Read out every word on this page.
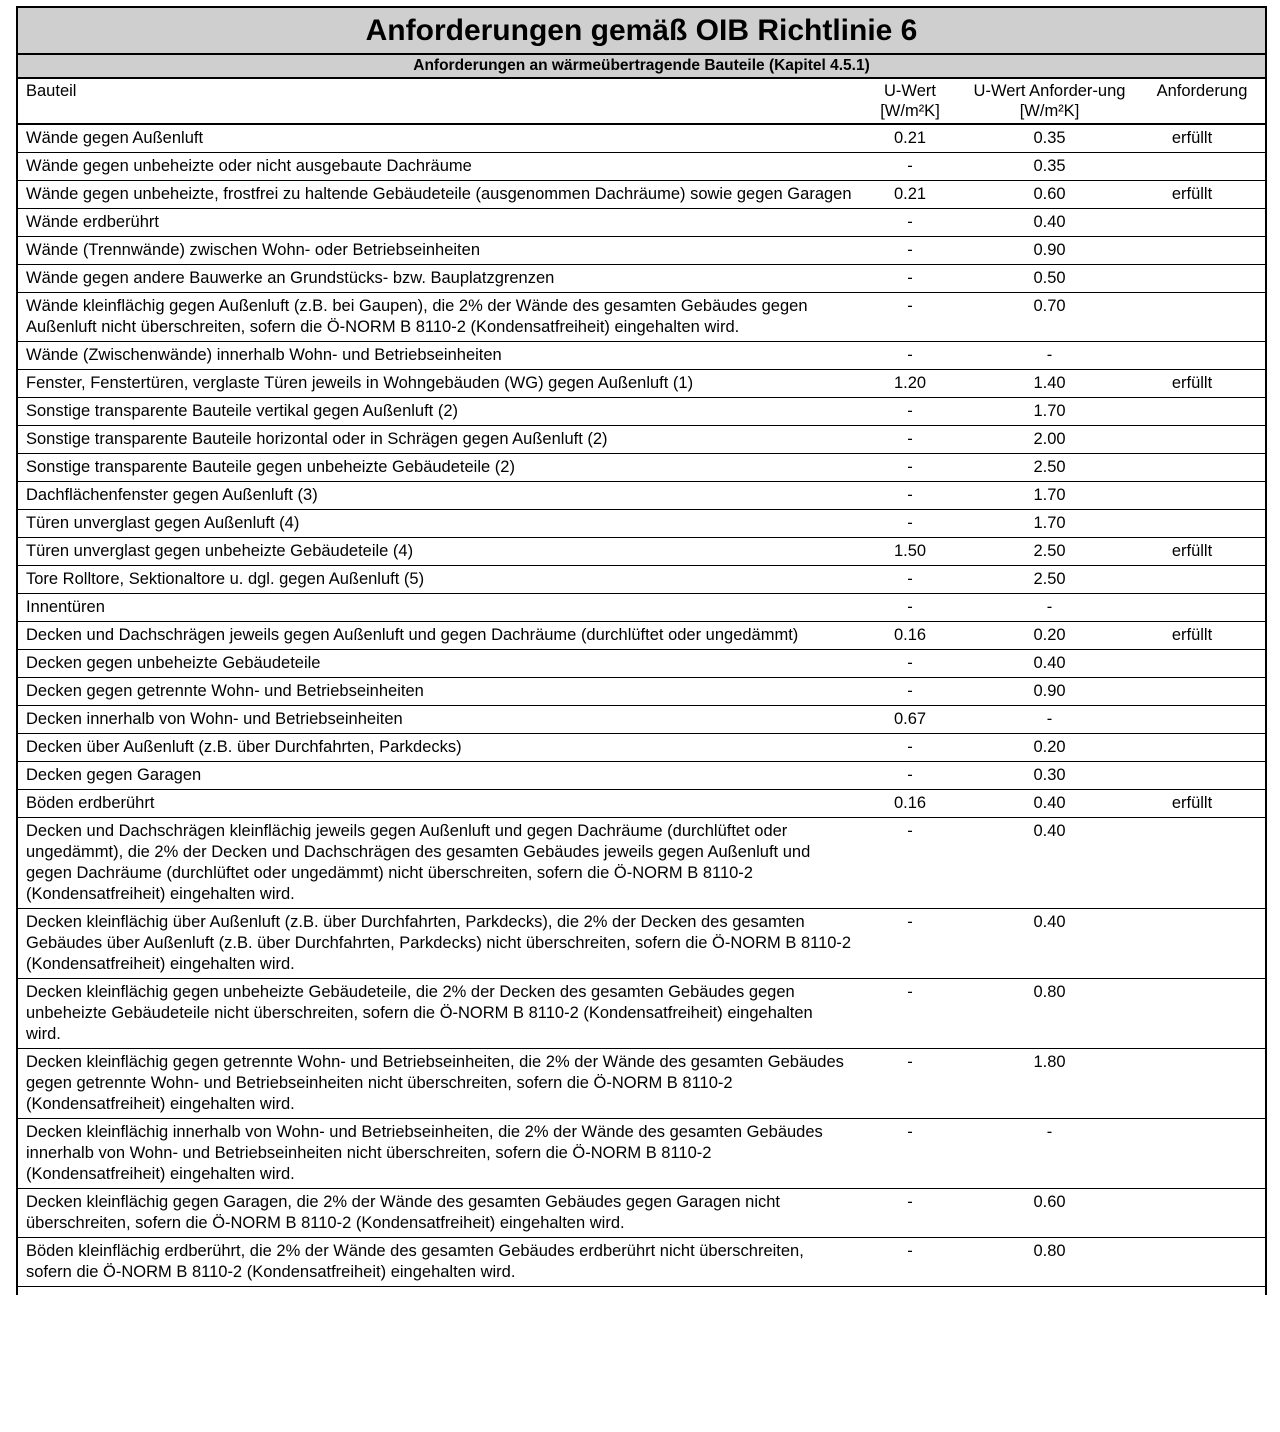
Anforderungen gemäß OIB Richtlinie 6
Anforderungen an wärmeübertragende Bauteile (Kapitel 4.5.1)
Bauteil	U-Wert [W/m²K]	U-Wert Anforder-ung [W/m²K]	Anforderung
Wände gegen Außenluft	0.21	0.35	erfüllt
Wände gegen unbeheizte oder nicht ausgebaute Dachräume	-	0.35	
Wände gegen unbeheizte, frostfrei zu haltende Gebäudeteile (ausgenommen Dachräume) sowie gegen Garagen	0.21	0.60	erfüllt
Wände erdberührt	-	0.40	
Wände (Trennwände) zwischen Wohn- oder Betriebseinheiten	-	0.90	
Wände gegen andere Bauwerke an Grundstücks- bzw. Bauplatzgrenzen	-	0.50	
Wände kleinflächig gegen Außenluft (z.B. bei Gaupen), die 2% der Wände des gesamten Gebäudes gegen Außenluft nicht überschreiten, sofern die Ö-NORM B 8110-2 (Kondensatfreiheit) eingehalten wird.	-	0.70	
Wände (Zwischenwände) innerhalb Wohn- und Betriebseinheiten	-	-	
Fenster, Fenstertüren, verglaste Türen jeweils in Wohngebäuden (WG) gegen Außenluft (1)	1.20	1.40	erfüllt
Sonstige transparente Bauteile vertikal gegen Außenluft (2)	-	1.70	
Sonstige transparente Bauteile horizontal oder in Schrägen gegen Außenluft (2)	-	2.00	
Sonstige transparente Bauteile gegen unbeheizte Gebäudeteile (2)	-	2.50	
Dachflächenfenster gegen Außenluft (3)	-	1.70	
Türen unverglast gegen Außenluft (4)	-	1.70	
Türen unverglast gegen unbeheizte Gebäudeteile (4)	1.50	2.50	erfüllt
Tore Rolltore, Sektionaltore u. dgl. gegen Außenluft (5)	-	2.50	
Innentüren	-	-	
Decken und Dachschrägen jeweils gegen Außenluft und gegen Dachräume (durchlüftet oder ungedämmt)	0.16	0.20	erfüllt
Decken gegen unbeheizte Gebäudeteile	-	0.40	
Decken gegen getrennte Wohn- und Betriebseinheiten	-	0.90	
Decken innerhalb von Wohn- und Betriebseinheiten	0.67	-	
Decken über Außenluft (z.B. über Durchfahrten, Parkdecks)	-	0.20	
Decken gegen Garagen	-	0.30	
Böden erdberührt	0.16	0.40	erfüllt
Decken und Dachschrägen kleinflächig jeweils gegen Außenluft und gegen Dachräume (durchlüftet oder ungedämmt), die 2% der Decken und Dachschrägen des gesamten Gebäudes jeweils gegen Außenluft und gegen Dachräume (durchlüftet oder ungedämmt) nicht überschreiten, sofern die Ö-NORM B 8110-2 (Kondensatfreiheit) eingehalten wird.	-	0.40	
Decken kleinflächig über Außenluft (z.B. über Durchfahrten, Parkdecks), die 2% der Decken des gesamten Gebäudes über Außenluft (z.B. über Durchfahrten, Parkdecks) nicht überschreiten, sofern die Ö-NORM B 8110-2 (Kondensatfreiheit) eingehalten wird.	-	0.40	
Decken kleinflächig gegen unbeheizte Gebäudeteile, die 2% der Decken des gesamten Gebäudes gegen unbeheizte Gebäudeteile nicht überschreiten, sofern die Ö-NORM B 8110-2 (Kondensatfreiheit) eingehalten wird.	-	0.80	
Decken kleinflächig gegen getrennte Wohn- und Betriebseinheiten, die 2% der Wände des gesamten Gebäudes gegen getrennte Wohn- und Betriebseinheiten nicht überschreiten, sofern die Ö-NORM B 8110-2 (Kondensatfreiheit) eingehalten wird.	-	1.80	
Decken kleinflächig innerhalb von Wohn- und Betriebseinheiten, die 2% der Wände des gesamten Gebäudes innerhalb von Wohn- und Betriebseinheiten nicht überschreiten, sofern die Ö-NORM B 8110-2 (Kondensatfreiheit) eingehalten wird.	-	-	
Decken kleinflächig gegen Garagen, die 2% der Wände des gesamten Gebäudes gegen Garagen nicht überschreiten, sofern die Ö-NORM B 8110-2 (Kondensatfreiheit) eingehalten wird.	-	0.60	
Böden kleinflächig erdberührt, die 2% der Wände des gesamten Gebäudes erdberührt nicht überschreiten, sofern die Ö-NORM B 8110-2 (Kondensatfreiheit) eingehalten wird.	-	0.80	
